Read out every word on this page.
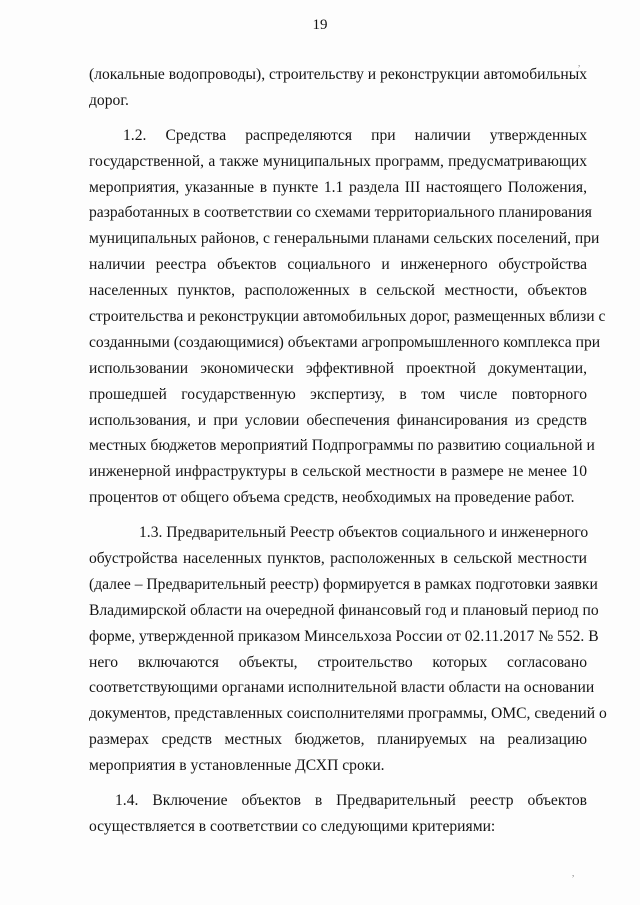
19
(локальные водопроводы), строительству и реконструкции автомобильных
дорог.
1.2. Средства распределяются при наличии утвержденных
государственной, а также муниципальных программ, предусматривающих
мероприятия, указанные в пункте 1.1 раздела III настоящего Положения,
разработанных в соответствии со схемами территориального планирования
муниципальных районов, с генеральными планами сельских поселений, при
наличии реестра объектов социального и инженерного обустройства
населенных пунктов, расположенных в сельской местности, объектов
строительства и реконструкции автомобильных дорог, размещенных вблизи с
созданными (создающимися) объектами агропромышленного комплекса при
использовании экономически эффективной проектной документации,
прошедшей государственную экспертизу, в том числе повторного
использования, и при условии обеспечения финансирования из средств
местных бюджетов мероприятий Подпрограммы по развитию социальной и
инженерной инфраструктуры в сельской местности в размере не менее 10
процентов от общего объема средств, необходимых на проведение работ.
1.3. Предварительный Реестр объектов социального и инженерного
обустройства населенных пунктов, расположенных в сельской местности
(далее – Предварительный реестр) формируется в рамках подготовки заявки
Владимирской области на очередной финансовый год и плановый период по
форме, утвержденной приказом Минсельхоза России от 02.11.2017 № 552. В
него включаются объекты, строительство которых согласовано
соответствующими органами исполнительной власти области на основании
документов, представленных соисполнителями программы, ОМС, сведений о
размерах средств местных бюджетов, планируемых на реализацию
мероприятия в установленные ДСХП сроки.
1.4. Включение объектов в Предварительный реестр объектов
осуществляется в соответствии со следующими критериями:
,
,
